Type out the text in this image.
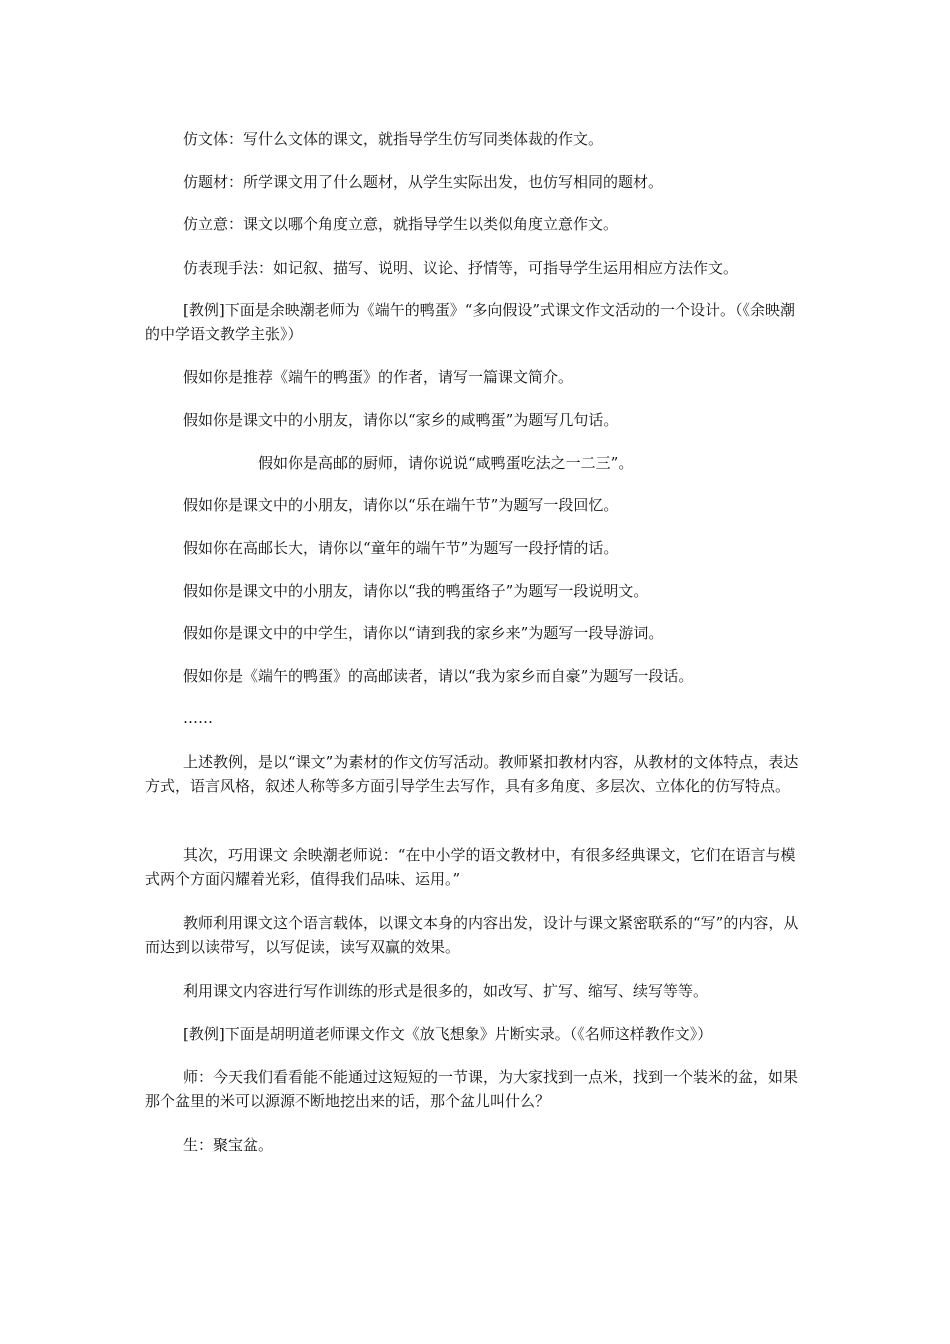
仿文体：写什么文体的课文，就指导学生仿写同类体裁的作文。

仿题材：所学课文用了什么题材，从学生实际出发，也仿写相同的题材。

仿立意：课文以哪个角度立意，就指导学生以类似角度立意作文。

仿表现手法：如记叙、描写、说明、议论、抒情等，可指导学生运用相应方法作文。

[教例]下面是余映潮老师为《端午的鸭蛋》“多向假设”式课文作文活动的一个设计。（《余映潮的中学语文教学主张》）

假如你是推荐《端午的鸭蛋》的作者，请写一篇课文简介。

假如你是课文中的小朋友，请你以“家乡的咸鸭蛋”为题写几句话。

假如你是高邮的厨师，请你说说“咸鸭蛋吃法之一二三”。

假如你是课文中的小朋友，请你以“乐在端午节”为题写一段回忆。

假如你在高邮长大，请你以“童年的端午节”为题写一段抒情的话。

假如你是课文中的小朋友，请你以“我的鸭蛋络子”为题写一段说明文。

假如你是课文中的中学生，请你以“请到我的家乡来”为题写一段导游词。

假如你是《端午的鸭蛋》的高邮读者，请以“我为家乡而自豪”为题写一段话。

……

上述教例，是以“课文”为素材的作文仿写活动。教师紧扣教材内容，从教材的文体特点，表达方式，语言风格，叙述人称等多方面引导学生去写作，具有多角度、多层次、立体化的仿写特点。

其次，巧用课文 余映潮老师说：“在中小学的语文教材中，有很多经典课文，它们在语言与模式两个方面闪耀着光彩，值得我们品味、运用。”

教师利用课文这个语言载体，以课文本身的内容出发，设计与课文紧密联系的“写”的内容，从而达到以读带写，以写促读，读写双赢的效果。

利用课文内容进行写作训练的形式是很多的，如改写、扩写、缩写、续写等等。

[教例]下面是胡明道老师课文作文《放飞想象》片断实录。（《名师这样教作文》）

师：今天我们看看能不能通过这短短的一节课，为大家找到一点米，找到一个装米的盆，如果那个盆里的米可以源源不断地挖出来的话，那个盆儿叫什么？

生：聚宝盆。
